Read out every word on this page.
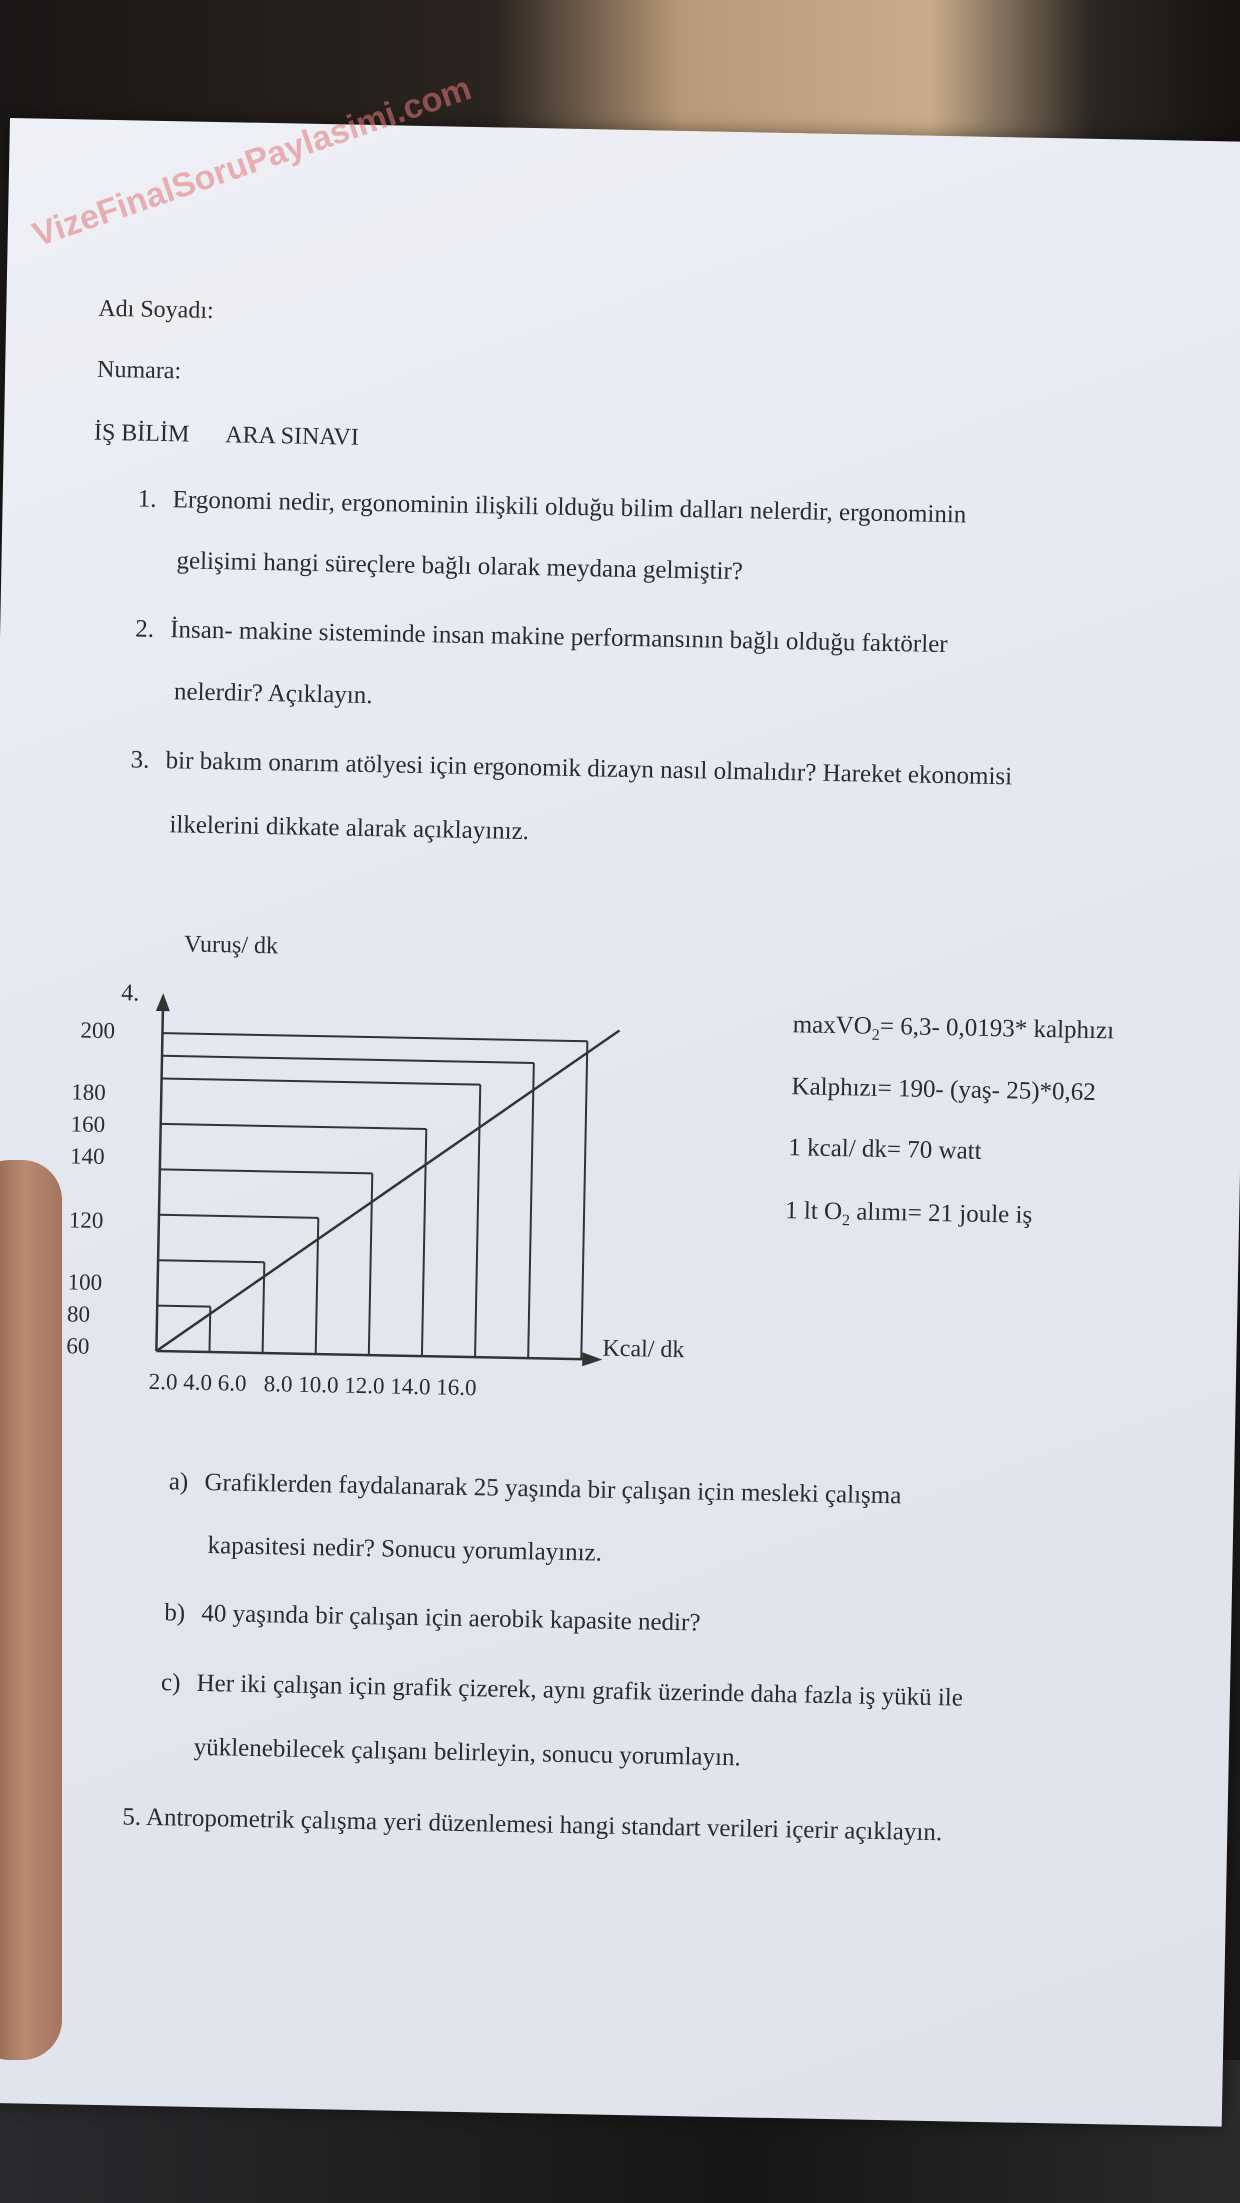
VizeFinalSoruPaylasimi.com
Adı Soyadı:
Numara:
İŞ BİLİM ARA SINAVI
1. Ergonomi nedir, ergonominin ilişkili olduğu bilim dalları nelerdir, ergonominin
gelişimi hangi süreçlere bağlı olarak meydana gelmiştir?
2. İnsan- makine sisteminde insan makine performansının bağlı olduğu faktörler
nelerdir? Açıklayın.
3. bir bakım onarım atölyesi için ergonomik dizayn nasıl olmalıdır? Hareket ekonomisi
ilkelerini dikkate alarak açıklayınız.
4.
Vuruş/ dk
200
180
160
140
120
100
80
60	Kcal/ dk
2.0 4.0 6.0   8.0 10.0 12.0 14.0 16.0
maxVO$_2$= 6,3- 0,0193* kalphızı
Kalphızı= 190- (yaş- 25)*0,62
1 kcal/ dk= 70 watt
1 lt $O_2$ alımı= 21 joule iş
a) Grafiklerden faydalanarak 25 yaşında bir çalışan için mesleki çalışma
kapasitesi nedir? Sonucu yorumlayınız.
b) 40 yaşında bir çalışan için aerobik kapasite nedir?
c) Her iki çalışan için grafik çizerek, aynı grafik üzerinde daha fazla iş yükü ile
yüklenebilecek çalışanı belirleyin, sonucu yorumlayın.
5. Antropometrik çalışma yeri düzenlemesi hangi standart verileri içerir açıklayın.
